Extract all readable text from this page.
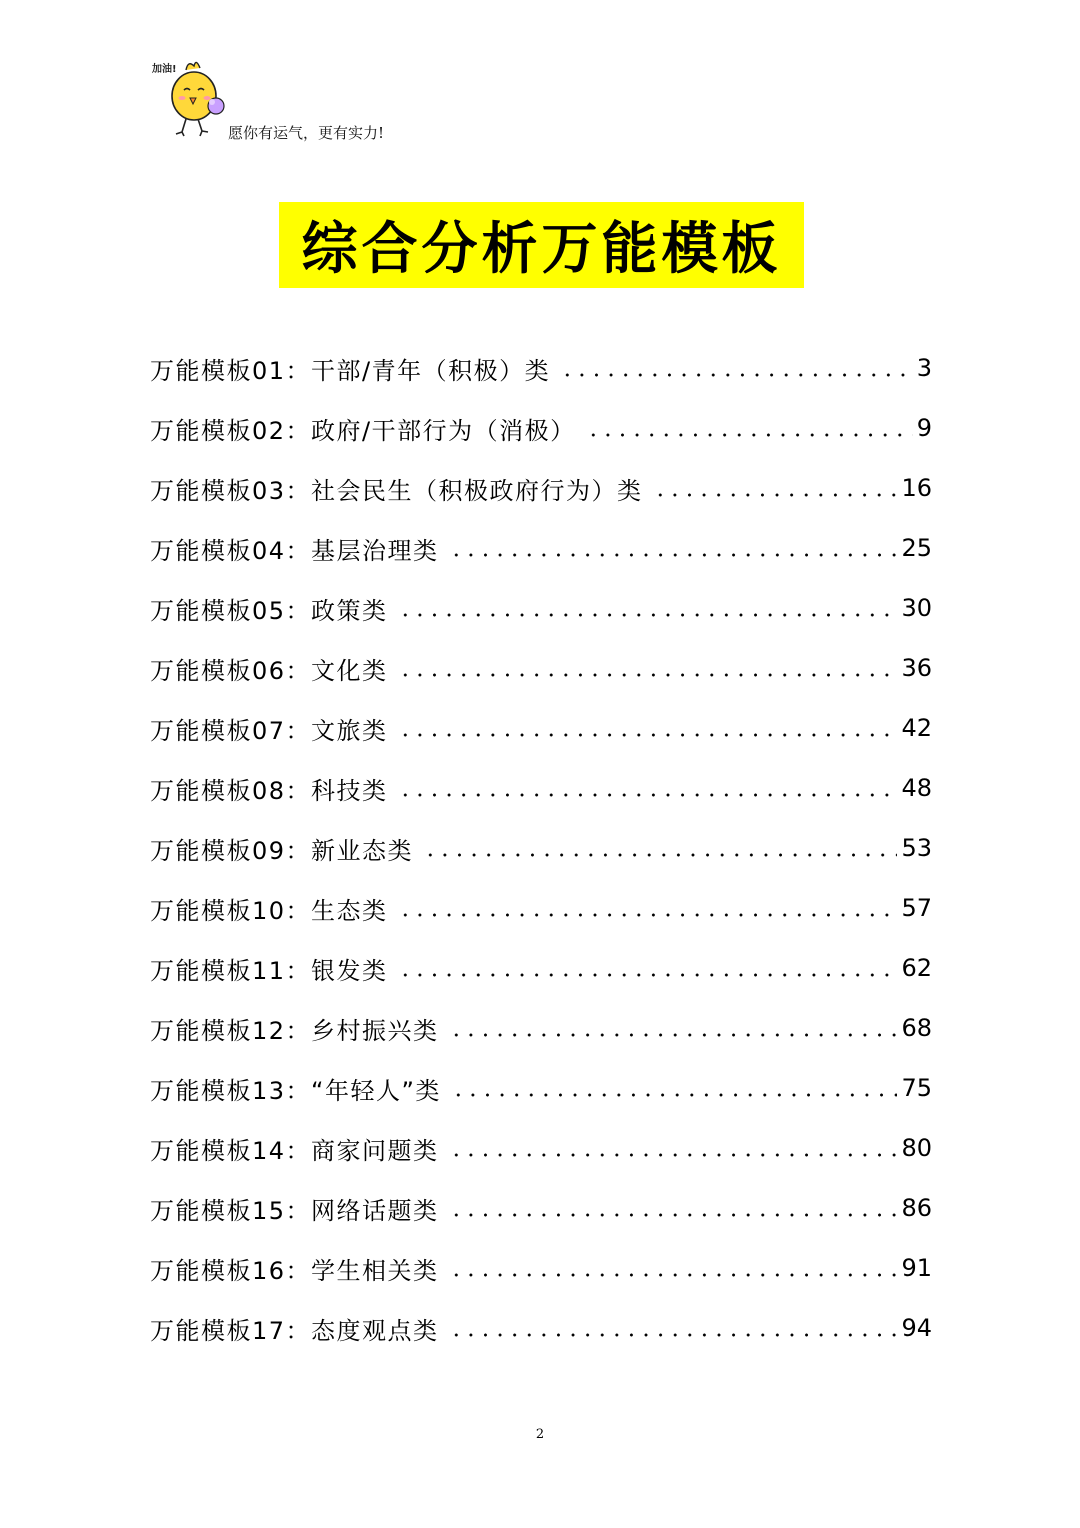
加油!
愿你有运气，更有实力!
综合分析万能模板
万能模板01： 干部/青年（积极）类	3
万能模板02： 政府/干部行为（消极）	9
万能模板03： 社会民生（积极政府行为）类	16
万能模板04： 基层治理类	25
万能模板05： 政策类	30
万能模板06： 文化类	36
万能模板07： 文旅类	42
万能模板08： 科技类	48
万能模板09： 新业态类	53
万能模板10： 生态类	57
万能模板11： 银发类	62
万能模板12： 乡村振兴类	68
万能模板13： “年轻人”类	75
万能模板14： 商家问题类	80
万能模板15： 网络话题类	86
万能模板16： 学生相关类	91
万能模板17： 态度观点类	94
2
